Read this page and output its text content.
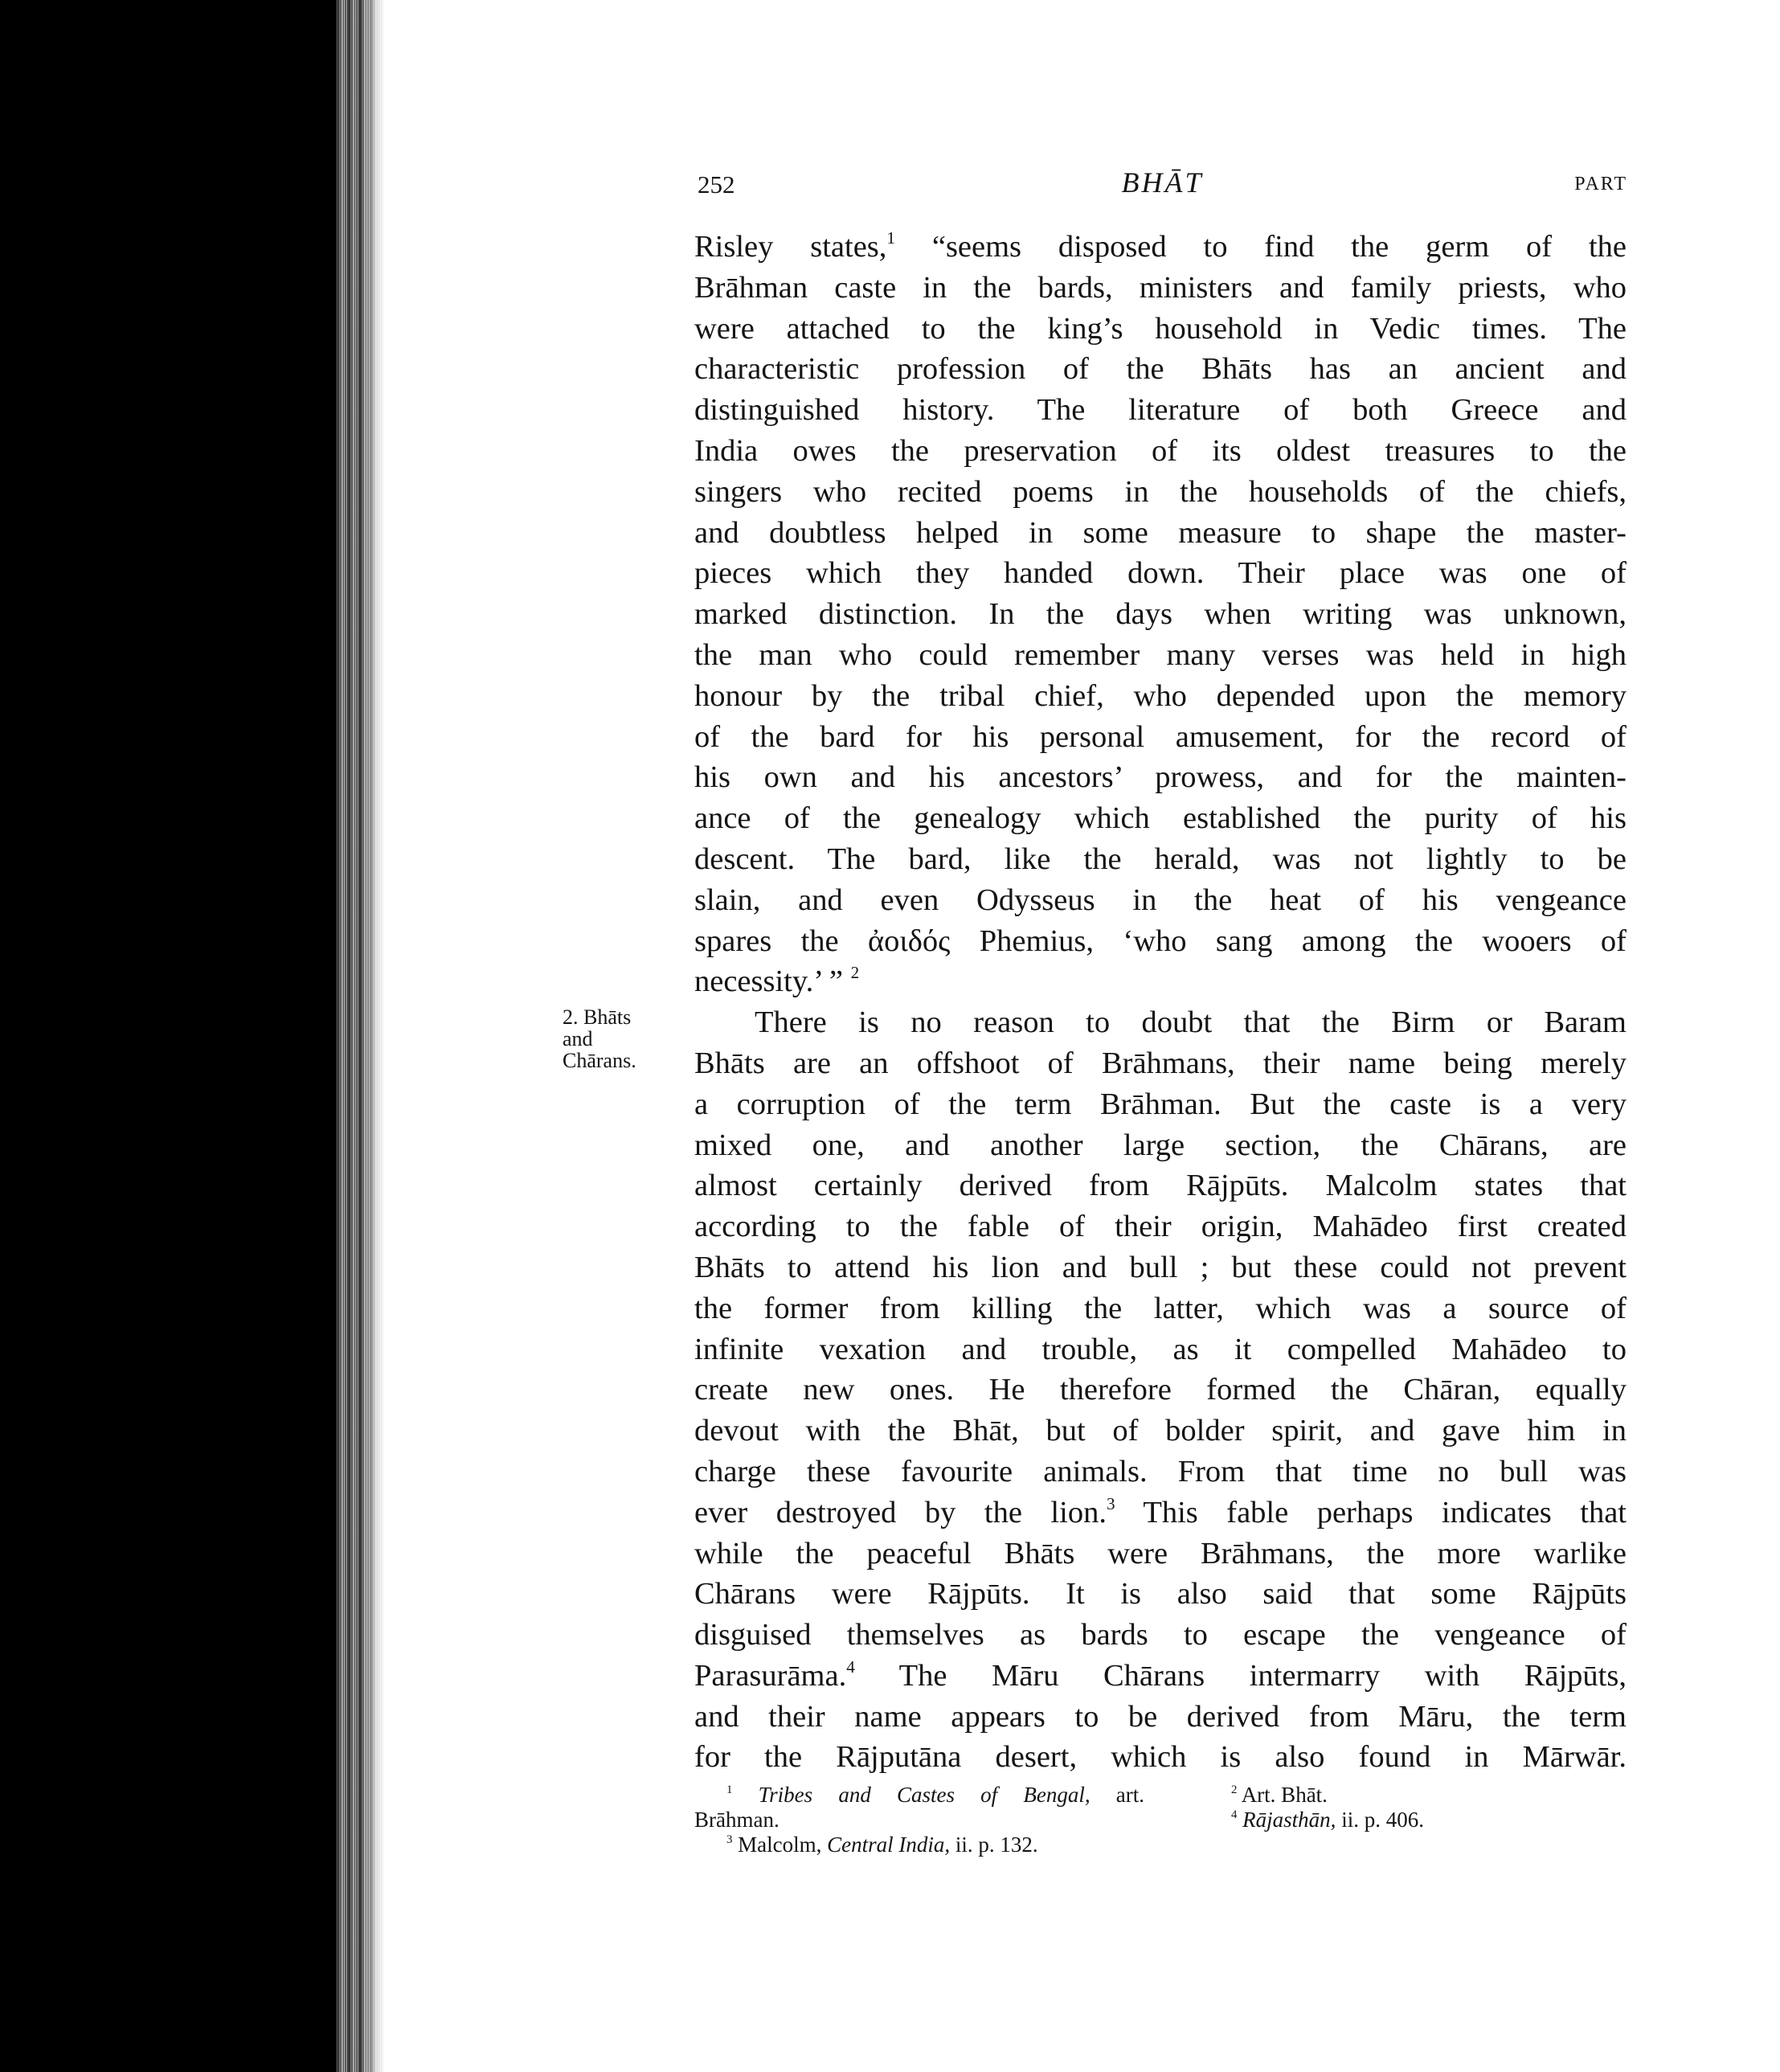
252	BHĀT	PART
2. Bhāts
and
Chārans.
Risley states,$^1$ “seems disposed to find the germ of the
Brāhman caste in the bards, ministers and family priests, who
were attached to the king’s household in Vedic times. The
characteristic profession of the Bhāts has an ancient and
distinguished history. The literature of both Greece and
India owes the preservation of its oldest treasures to the
singers who recited poems in the households of the chiefs,
and doubtless helped in some measure to shape the master-
pieces which they handed down. Their place was one of
marked distinction. In the days when writing was unknown,
the man who could remember many verses was held in high
honour by the tribal chief, who depended upon the memory
of the bard for his personal amusement, for the record of
his own and his ancestors’ prowess, and for the mainten-
ance of the genealogy which established the purity of his
descent. The bard, like the herald, was not lightly to be
slain, and even Odysseus in the heat of his vengeance
spares the ἀοιδός Phemius, ‘who sang among the wooers of
necessity.’ ” $^2$
There is no reason to doubt that the Birm or Baram
Bhāts are an offshoot of Brāhmans, their name being merely
a corruption of the term Brāhman. But the caste is a very
mixed one, and another large section, the Chārans, are
almost certainly derived from Rājpūts. Malcolm states that
according to the fable of their origin, Mahādeo first created
Bhāts to attend his lion and bull ; but these could not prevent
the former from killing the latter, which was a source of
infinite vexation and trouble, as it compelled Mahādeo to
create new ones. He therefore formed the Chāran, equally
devout with the Bhāt, but of bolder spirit, and gave him in
charge these favourite animals. From that time no bull was
ever destroyed by the lion.$^3$ This fable perhaps indicates that
while the peaceful Bhāts were Brāhmans, the more warlike
Chārans were Rājpūts. It is also said that some Rājpūts
disguised themselves as bards to escape the vengeance of
Parasurāma.$^4$ The Māru Chārans intermarry with Rājpūts,
and their name appears to be derived from Māru, the term
for the Rājputāna desert, which is also found in Mārwār.
$^1$ Tribes and Castes of Bengal, art.
Brāhman.
$^3$ Malcolm, Central India, ii. p. 132.
$^2$ Art. Bhāt.
$^4$ Rājasthān, ii. p. 406.
